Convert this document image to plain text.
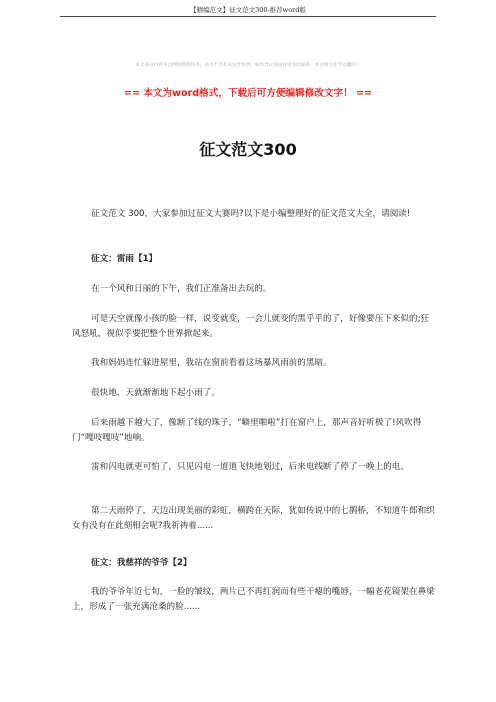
【精编范文】征文范文300-推荐word版
本文部分内容来自网络整理所得，本司不为其真实性负责，如有异议或侵权请及时联系，本司将立即予以删除！
== 本文为word格式，下载后可方便编辑修改文字！ ==
征文范文300
征文范文 300，大家参加过征文大赛吗?以下是小编整理好的征文范文大全，请阅读!
征文：雷雨【1】
在一个风和日丽的下午，我们正准备出去玩的。
可是天空就像小孩的脸一样，说变就变，一会儿就变的黑乎乎的了，好像要压下来似的;狂风怒吼，视似乎要把整个世界掀起来。
我和妈妈连忙躲进屋里，我站在窗前看着这场暴风雨前的黑暗。
很快地，天就渐渐地下起小雨了。
后来雨越下越大了，像断了线的珠子，“噼里啪啦”打在窗户上，那声音好听极了!风吹得门“嘎吱嘎吱”地响。
雷和闪电就更可怕了，只见闪电一道道飞快地划过，后来电线断了停了一晚上的电。
第二天雨停了，天边出现美丽的彩虹，横跨在天际，犹如传说中的七鹊桥，不知道牛郎和织女有没有在此刻相会呢?我祈祷着......
征文：我慈祥的爷爷【2】
我的爷爷年近七旬，一脸的皱纹，两片已不再红润而有些干瘪的嘴唇，一幅老花镜架在鼻梁上，形成了一张充满沧桑的脸......
